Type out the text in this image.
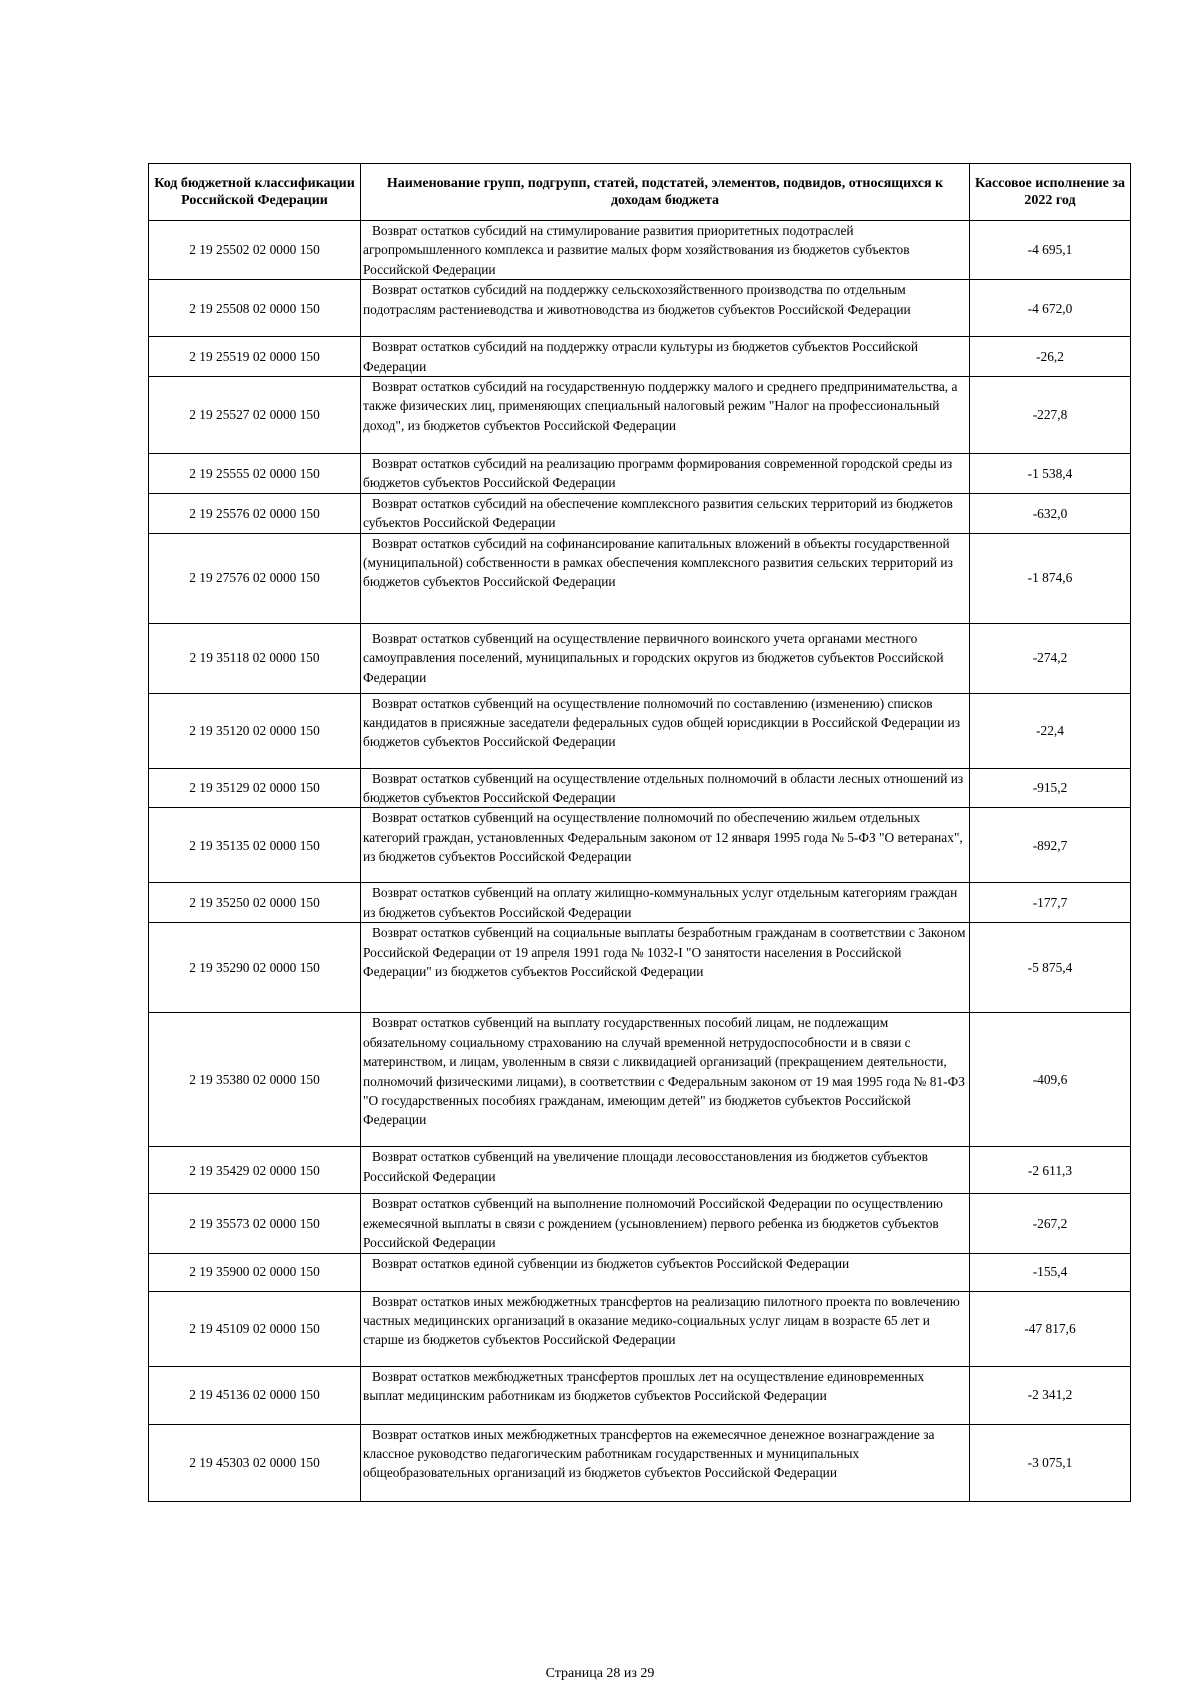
Код бюджетной классификации Российской Федерации	Наименование групп, подгрупп, статей, подстатей, элементов, подвидов, относящихся к доходам бюджета	Кассовое исполнение за 2022 год
2 19 25502 02 0000 150	Возврат остатков субсидий на стимулирование развития приоритетных подотраслей агропромышленного комплекса и развитие малых форм хозяйствования из бюджетов субъектов Российской Федерации	-4 695,1
2 19 25508 02 0000 150	Возврат остатков субсидий на поддержку сельскохозяйственного производства по отдельным подотраслям растениеводства и животноводства из бюджетов субъектов Российской Федерации	-4 672,0
2 19 25519 02 0000 150	Возврат остатков субсидий на поддержку отрасли культуры из бюджетов субъектов Российской Федерации	-26,2
2 19 25527 02 0000 150	Возврат остатков субсидий на государственную поддержку малого и среднего предпринимательства, а также физических лиц, применяющих специальный налоговый режим "Налог на профессиональный доход", из бюджетов субъектов Российской Федерации	-227,8
2 19 25555 02 0000 150	Возврат остатков субсидий на реализацию программ формирования современной городской среды из бюджетов субъектов Российской Федерации	-1 538,4
2 19 25576 02 0000 150	Возврат остатков субсидий на обеспечение комплексного развития сельских территорий из бюджетов субъектов Российской Федерации	-632,0
2 19 27576 02 0000 150	Возврат остатков субсидий на софинансирование капитальных вложений в объекты государственной (муниципальной) собственности в рамках обеспечения комплексного развития сельских территорий из бюджетов субъектов Российской Федерации	-1 874,6
2 19 35118 02 0000 150	Возврат остатков субвенций на осуществление первичного воинского учета органами местного самоуправления поселений, муниципальных и городских округов из бюджетов субъектов Российской Федерации	-274,2
2 19 35120 02 0000 150	Возврат остатков субвенций на осуществление полномочий по составлению (изменению) списков кандидатов в присяжные заседатели федеральных судов общей юрисдикции в Российской Федерации из бюджетов субъектов Российской Федерации	-22,4
2 19 35129 02 0000 150	Возврат остатков субвенций на осуществление отдельных полномочий в области лесных отношений из бюджетов субъектов Российской Федерации	-915,2
2 19 35135 02 0000 150	Возврат остатков субвенций на осуществление полномочий по обеспечению жильем отдельных категорий граждан, установленных Федеральным законом от 12 января 1995 года № 5-ФЗ "О ветеранах", из бюджетов субъектов Российской Федерации	-892,7
2 19 35250 02 0000 150	Возврат остатков субвенций на оплату жилищно-коммунальных услуг отдельным категориям граждан из бюджетов субъектов Российской Федерации	-177,7
2 19 35290 02 0000 150	Возврат остатков субвенций на социальные выплаты безработным гражданам в соответствии с Законом Российской Федерации от 19 апреля 1991 года № 1032-I "О занятости населения в Российской Федерации" из бюджетов субъектов Российской Федерации	-5 875,4
2 19 35380 02 0000 150	Возврат остатков субвенций на выплату государственных пособий лицам, не подлежащим обязательному социальному страхованию на случай временной нетрудоспособности и в связи с материнством, и лицам, уволенным в связи с ликвидацией организаций (прекращением деятельности, полномочий физическими лицами), в соответствии с Федеральным законом от 19 мая 1995 года № 81-ФЗ "О государственных пособиях гражданам, имеющим детей" из бюджетов субъектов Российской Федерации	-409,6
2 19 35429 02 0000 150	Возврат остатков субвенций на увеличение площади лесовосстановления из бюджетов субъектов Российской Федерации	-2 611,3
2 19 35573 02 0000 150	Возврат остатков субвенций на выполнение полномочий Российской Федерации по осуществлению ежемесячной выплаты в связи с рождением (усыновлением) первого ребенка из бюджетов субъектов Российской Федерации	-267,2
2 19 35900 02 0000 150	Возврат остатков единой субвенции из бюджетов субъектов Российской Федерации	-155,4
2 19 45109 02 0000 150	Возврат остатков иных межбюджетных трансфертов на реализацию пилотного проекта по вовлечению частных медицинских организаций в оказание медико-социальных услуг лицам в возрасте 65 лет и старше из бюджетов субъектов Российской Федерации	-47 817,6
2 19 45136 02 0000 150	Возврат остатков межбюджетных трансфертов прошлых лет на осуществление единовременных выплат медицинским работникам из бюджетов субъектов Российской Федерации	-2 341,2
2 19 45303 02 0000 150	Возврат остатков иных межбюджетных трансфертов на ежемесячное денежное вознаграждение за классное руководство педагогическим работникам государственных и муниципальных общеобразовательных организаций из бюджетов субъектов Российской Федерации	-3 075,1
Страница 28 из 29
